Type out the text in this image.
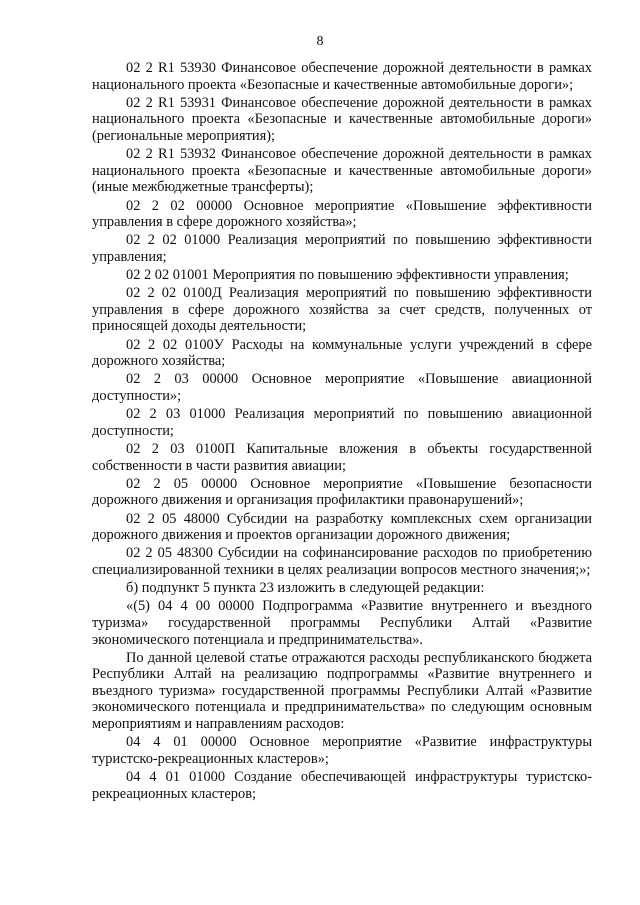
8

02 2 R1 53930 Финансовое обеспечение дорожной деятельности в рамках национального проекта «Безопасные и качественные автомобильные дороги»;

02 2 R1 53931 Финансовое обеспечение дорожной деятельности в рамках национального проекта «Безопасные и качественные автомобильные дороги» (региональные мероприятия);

02 2 R1 53932 Финансовое обеспечение дорожной деятельности в рамках национального проекта «Безопасные и качественные автомобильные дороги» (иные межбюджетные трансферты);

02 2 02 00000 Основное мероприятие «Повышение эффективности управления в сфере дорожного хозяйства»;

02 2 02 01000 Реализация мероприятий по повышению эффективности управления;

02 2 02 01001 Мероприятия по повышению эффективности управления;

02 2 02 0100Д Реализация мероприятий по повышению эффективности управления в сфере дорожного хозяйства за счет средств, полученных от приносящей доходы деятельности;

02 2 02 0100У Расходы на коммунальные услуги учреждений в сфере дорожного хозяйства;

02 2 03 00000 Основное мероприятие «Повышение авиационной доступности»;

02 2 03 01000 Реализация мероприятий по повышению авиационной доступности;

02 2 03 0100П Капитальные вложения в объекты государственной собственности в части развития авиации;

02 2 05 00000 Основное мероприятие «Повышение безопасности дорожного движения и организация профилактики правонарушений»;

02 2 05 48000 Субсидии на разработку комплексных схем организации дорожного движения и проектов организации дорожного движения;

02 2 05 48300 Субсидии на софинансирование расходов по приобретению специализированной техники в целях реализации вопросов местного значения;»;

б) подпункт 5 пункта 23 изложить в следующей редакции:

«(5) 04 4 00 00000 Подпрограмма «Развитие внутреннего и въездного туризма» государственной программы Республики Алтай «Развитие экономического потенциала и предпринимательства».

По данной целевой статье отражаются расходы республиканского бюджета Республики Алтай на реализацию подпрограммы «Развитие внутреннего и въездного туризма» государственной программы Республики Алтай «Развитие экономического потенциала и предпринимательства» по следующим основным мероприятиям и направлениям расходов:

04 4 01 00000 Основное мероприятие «Развитие инфраструктуры туристско-рекреационных кластеров»;

04 4 01 01000 Создание обеспечивающей инфраструктуры туристско-рекреационных кластеров;
